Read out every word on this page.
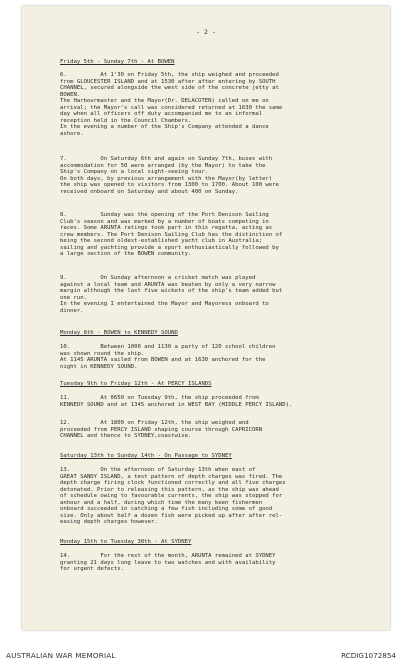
- 2 -
Friday 5th - Sunday 7th - At BOWEN
6.          At 1'30 on Friday 5th, the ship weighed and proceeded
from GLOUCESTER ISLAND and at 1530 after after entering by SOUTH
CHANNEL, secured alongside the west side of the concrete jetty at
BOWEN.
The Harbourmaster and the Mayor(Dr. DELACOTEN) called on me on
arrival; the Mayor's call was considered returned at 1630 the same
day when all officers off duty accompanied me to an informal
reception held in the Council Chambers.
In the evening a number of the Ship's Company attended a dance
ashore.
7.          On Saturday 6th and again on Sunday 7th, buses with
accommodation for 50 were arranged (by the Mayor) to take the
Ship's Company on a local sight-seeing tour.
On both days, by previous arrangement with the Mayor(by letter)
the ship was opened to visitors from 1300 to 1700. About 100 were
received onboard on Saturday and about 400 on Sunday.
8.          Sunday was the opening of the Port Denison Sailing
Club's season and was marked by a number of boats competing in
races. Some ARUNTA ratings took part in this regatta, acting as
crew members. The Port Denison Sailing Club has the distinction of
being the second oldest-established yacht club in Australia;
sailing and yachting provide a sport enthusiastically followed by
a large section of the BOWEN community.
9.          On Sunday afternoon a cricket match was played
against a local team and ARUNTA was beaten by only a very narrow
margin although the last five wickets of the ship's team added but
one run.
In the evening I entertained the Mayor and Mayoress onboard to
dinner.
Monday 8th - BOWEN to KENNEDY SOUND
10.         Between 1000 and 1130 a party of 120 school children
was shown round the ship.
At 1145 ARUNTA sailed from BOWEN and at 1630 anchored for the
night in KENNEDY SOUND.
Tuesday 9th to Friday 12th - At PERCY ISLANDS
11.         At 0650 on Tuesday 9th, the ship proceeded from
KENNEDY SOUND and at 1345 anchored in WEST BAY (MIDDLE PERCY ISLAND).
12.         At 1800 on Friday 12th, the ship weighed and
proceeded from PERCY ISLAND shaping course through CAPRICORN
CHANNEL and thence to SYDNEY,coastwise.
Saturday 13th to Sunday 14th - On Passage to SYDNEY
13.         On the afternoon of Saturday 13th when east of
GREAT SANDY ISLAND, a test pattern of depth charges was fired. The
depth charge firing clock functioned correctly and all five charges
detonated. Prior to releasing this pattern, as the ship was ahead
of schedule owing to favourable currents, the ship was stopped for
anhour and a half, during which time the many keen fishermen
onboard succeeded in catching a few fish including some of good
size. Only about half a dozen fish were picked up after after rel-
easing depth charges however.
Monday 15th to Tuesday 30th - At SYDNEY
14.         For the rest of the month, ARUNTA remained at SYDNEY
granting 21 days long leave to two watches and with availability
for urgent defects.
AUSTRALIAN WAR MEMORIAL	RCDIG1072854
